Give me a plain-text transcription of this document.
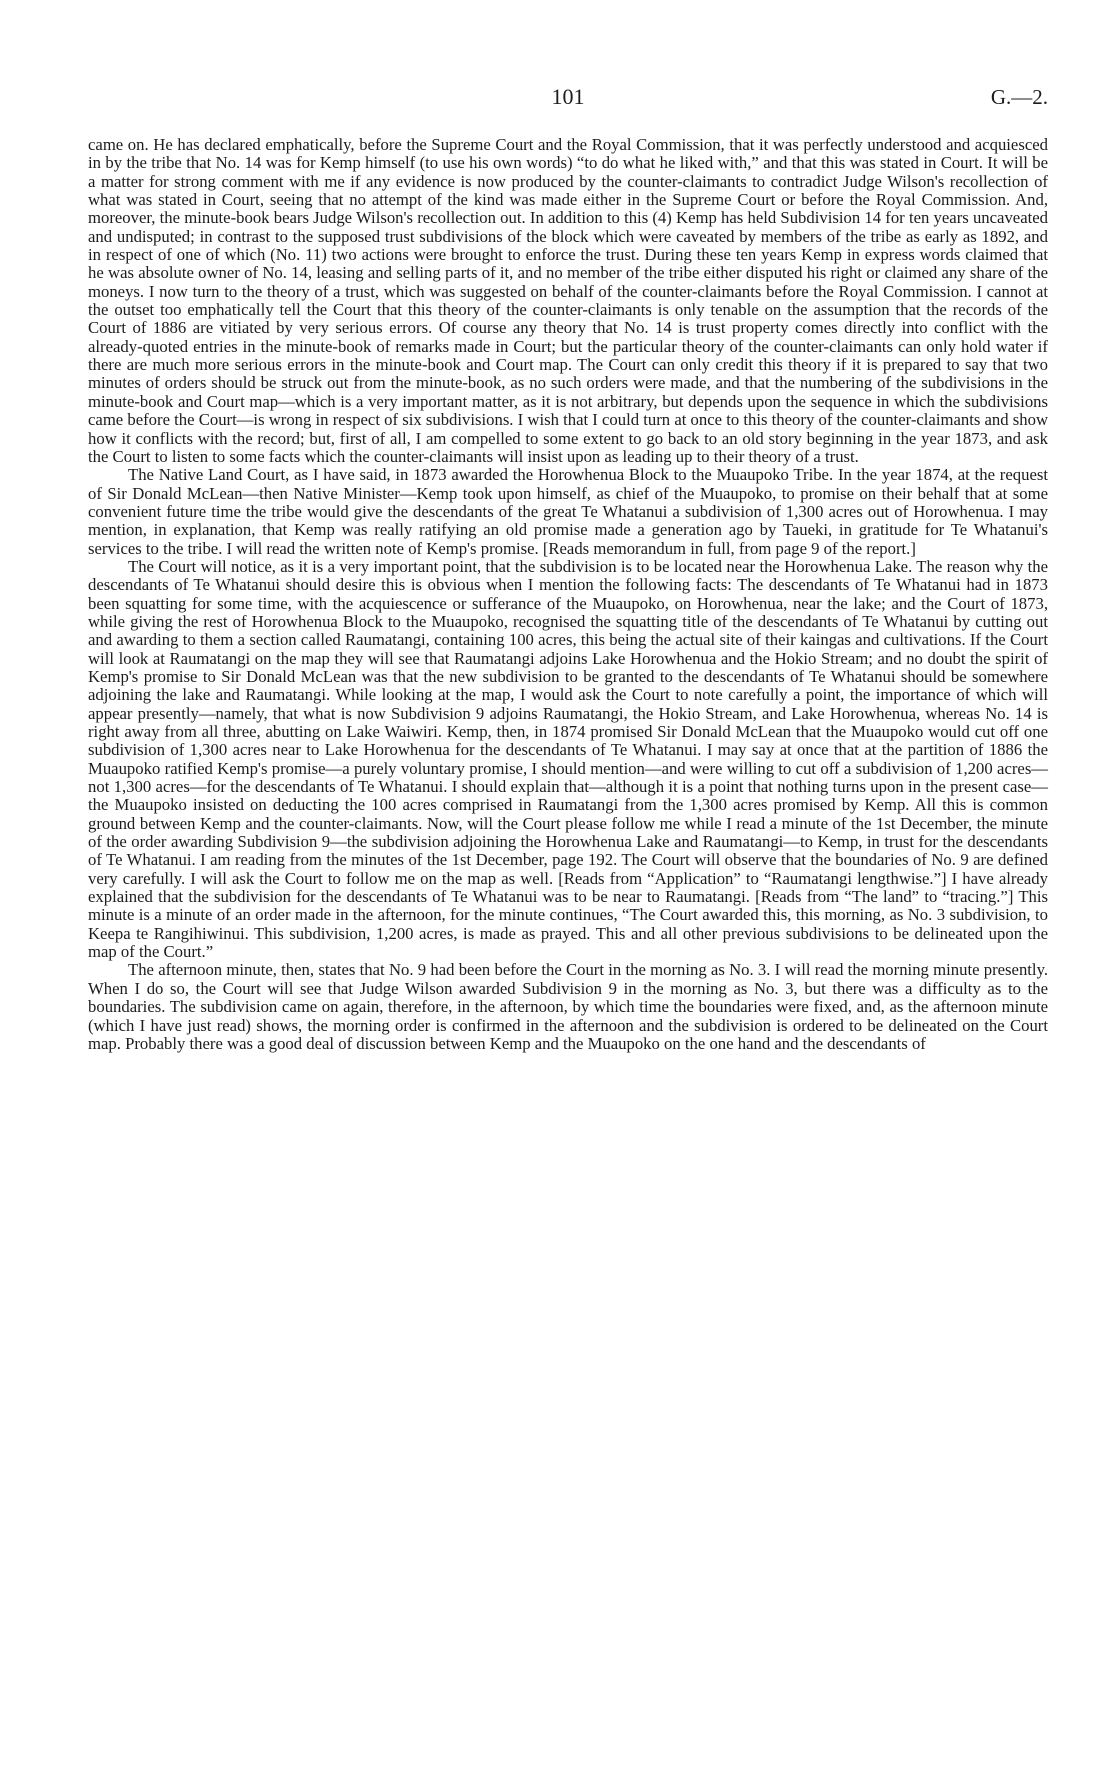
101	G.—2.

came on. He has declared emphatically, before the Supreme Court and the Royal Commission, that it was perfectly understood and acquiesced in by the tribe that No. 14 was for Kemp himself (to use his own words) “to do what he liked with,” and that this was stated in Court. It will be a matter for strong comment with me if any evidence is now produced by the counter-claimants to contradict Judge Wilson's recollection of what was stated in Court, seeing that no attempt of the kind was made either in the Supreme Court or before the Royal Commission. And, moreover, the minute-book bears Judge Wilson's recollection out. In addition to this (4) Kemp has held Subdivision 14 for ten years uncaveated and undisputed; in contrast to the supposed trust subdivisions of the block which were caveated by members of the tribe as early as 1892, and in respect of one of which (No. 11) two actions were brought to enforce the trust. During these ten years Kemp in express words claimed that he was absolute owner of No. 14, leasing and selling parts of it, and no member of the tribe either disputed his right or claimed any share of the moneys. I now turn to the theory of a trust, which was suggested on behalf of the counter-claimants before the Royal Commission. I cannot at the outset too emphatically tell the Court that this theory of the counter-claimants is only tenable on the assumption that the records of the Court of 1886 are vitiated by very serious errors. Of course any theory that No. 14 is trust property comes directly into conflict with the already-quoted entries in the minute-book of remarks made in Court; but the particular theory of the counter-claimants can only hold water if there are much more serious errors in the minute-book and Court map. The Court can only credit this theory if it is prepared to say that two minutes of orders should be struck out from the minute-book, as no such orders were made, and that the numbering of the subdivisions in the minute-book and Court map—which is a very important matter, as it is not arbitrary, but depends upon the sequence in which the subdivisions came before the Court—is wrong in respect of six subdivisions. I wish that I could turn at once to this theory of the counter-claimants and show how it conflicts with the record; but, first of all, I am compelled to some extent to go back to an old story beginning in the year 1873, and ask the Court to listen to some facts which the counter-claimants will insist upon as leading up to their theory of a trust.

The Native Land Court, as I have said, in 1873 awarded the Horowhenua Block to the Muaupoko Tribe. In the year 1874, at the request of Sir Donald McLean—then Native Minister—Kemp took upon himself, as chief of the Muaupoko, to promise on their behalf that at some convenient future time the tribe would give the descendants of the great Te Whatanui a subdivision of 1,300 acres out of Horowhenua. I may mention, in explanation, that Kemp was really ratifying an old promise made a generation ago by Taueki, in gratitude for Te Whatanui's services to the tribe. I will read the written note of Kemp's promise. [Reads memorandum in full, from page 9 of the report.]

The Court will notice, as it is a very important point, that the subdivision is to be located near the Horowhenua Lake. The reason why the descendants of Te Whatanui should desire this is obvious when I mention the following facts: The descendants of Te Whatanui had in 1873 been squatting for some time, with the acquiescence or sufferance of the Muaupoko, on Horowhenua, near the lake; and the Court of 1873, while giving the rest of Horowhenua Block to the Muaupoko, recognised the squatting title of the descendants of Te Whatanui by cutting out and awarding to them a section called Raumatangi, containing 100 acres, this being the actual site of their kaingas and cultivations. If the Court will look at Raumatangi on the map they will see that Raumatangi adjoins Lake Horowhenua and the Hokio Stream; and no doubt the spirit of Kemp's promise to Sir Donald McLean was that the new subdivision to be granted to the descendants of Te Whatanui should be somewhere adjoining the lake and Raumatangi. While looking at the map, I would ask the Court to note carefully a point, the importance of which will appear presently—namely, that what is now Subdivision 9 adjoins Raumatangi, the Hokio Stream, and Lake Horowhenua, whereas No. 14 is right away from all three, abutting on Lake Waiwiri. Kemp, then, in 1874 promised Sir Donald McLean that the Muaupoko would cut off one subdivision of 1,300 acres near to Lake Horowhenua for the descendants of Te Whatanui. I may say at once that at the partition of 1886 the Muaupoko ratified Kemp's promise—a purely voluntary promise, I should mention—and were willing to cut off a subdivision of 1,200 acres—not 1,300 acres—for the descendants of Te Whatanui. I should explain that—although it is a point that nothing turns upon in the present case—the Muaupoko insisted on deducting the 100 acres comprised in Raumatangi from the 1,300 acres promised by Kemp. All this is common ground between Kemp and the counter-claimants. Now, will the Court please follow me while I read a minute of the 1st December, the minute of the order awarding Subdivision 9—the subdivision adjoining the Horowhenua Lake and Raumatangi—to Kemp, in trust for the descendants of Te Whatanui. I am reading from the minutes of the 1st December, page 192. The Court will observe that the boundaries of No. 9 are defined very carefully. I will ask the Court to follow me on the map as well. [Reads from “Application” to “Raumatangi lengthwise.”] I have already explained that the subdivision for the descendants of Te Whatanui was to be near to Raumatangi. [Reads from “The land” to “tracing.”] This minute is a minute of an order made in the afternoon, for the minute continues, “The Court awarded this, this morning, as No. 3 subdivision, to Keepa te Rangihiwinui. This subdivision, 1,200 acres, is made as prayed. This and all other previous subdivisions to be delineated upon the map of the Court.”

The afternoon minute, then, states that No. 9 had been before the Court in the morning as No. 3. I will read the morning minute presently. When I do so, the Court will see that Judge Wilson awarded Subdivision 9 in the morning as No. 3, but there was a difficulty as to the boundaries. The subdivision came on again, therefore, in the afternoon, by which time the boundaries were fixed, and, as the afternoon minute (which I have just read) shows, the morning order is confirmed in the afternoon and the subdivision is ordered to be delineated on the Court map. Probably there was a good deal of discussion between Kemp and the Muaupoko on the one hand and the descendants of
